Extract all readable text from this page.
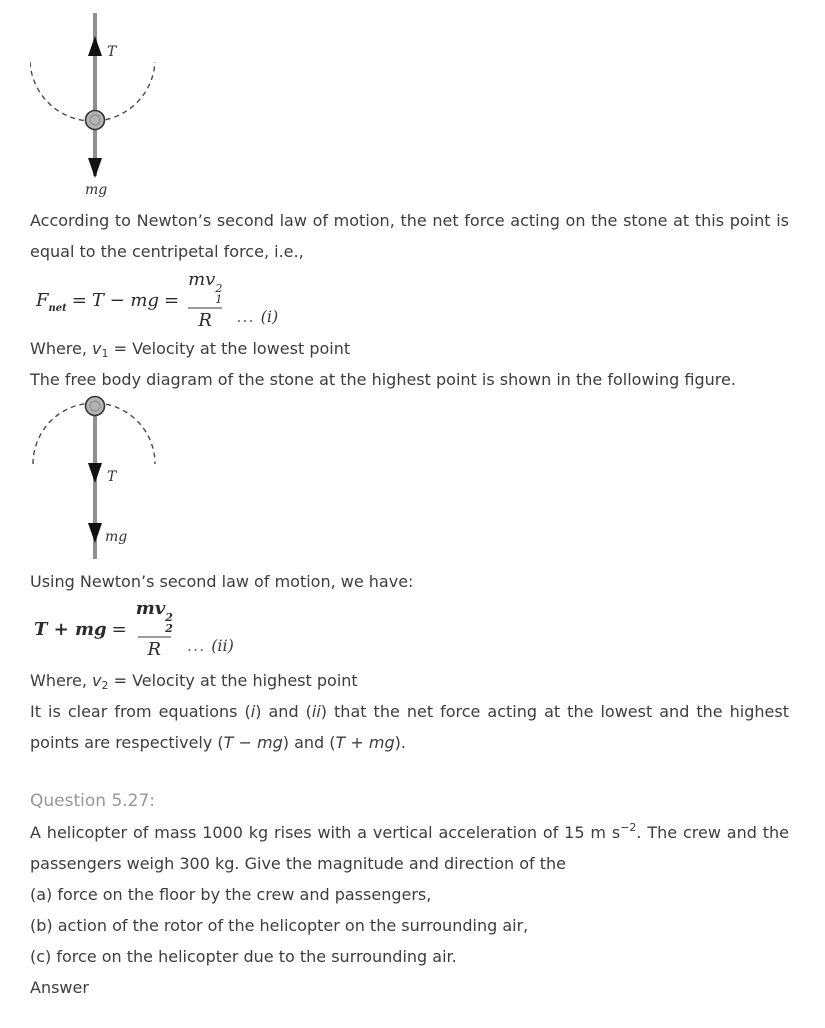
T
mg

According to Newton’s second law of motion, the net force acting on the stone at this point is equal to the centripetal force, i.e.,

$F_{net} = T$ − mg = mv 2
1
R ... (i)

Where, $v_1$ = Velocity at the lowest point

The free body diagram of the stone at the highest point is shown in the following figure.

T
mg

Using Newton’s second law of motion, we have:

T + mg = mv 2
2
R ... (ii)

Where, $v_2$ = Velocity at the highest point

It is clear from equations (i) and (ii) that the net force acting at the lowest and the highest points are respectively (T − mg) and (T + mg).

Question 5.27:

A helicopter of mass 1000 kg rises with a vertical acceleration of 15 m $s^{-2}$. The crew and the passengers weigh 300 kg. Give the magnitude and direction of the

(a) force on the floor by the crew and passengers,

(b) action of the rotor of the helicopter on the surrounding air,

(c) force on the helicopter due to the surrounding air.

Answer
